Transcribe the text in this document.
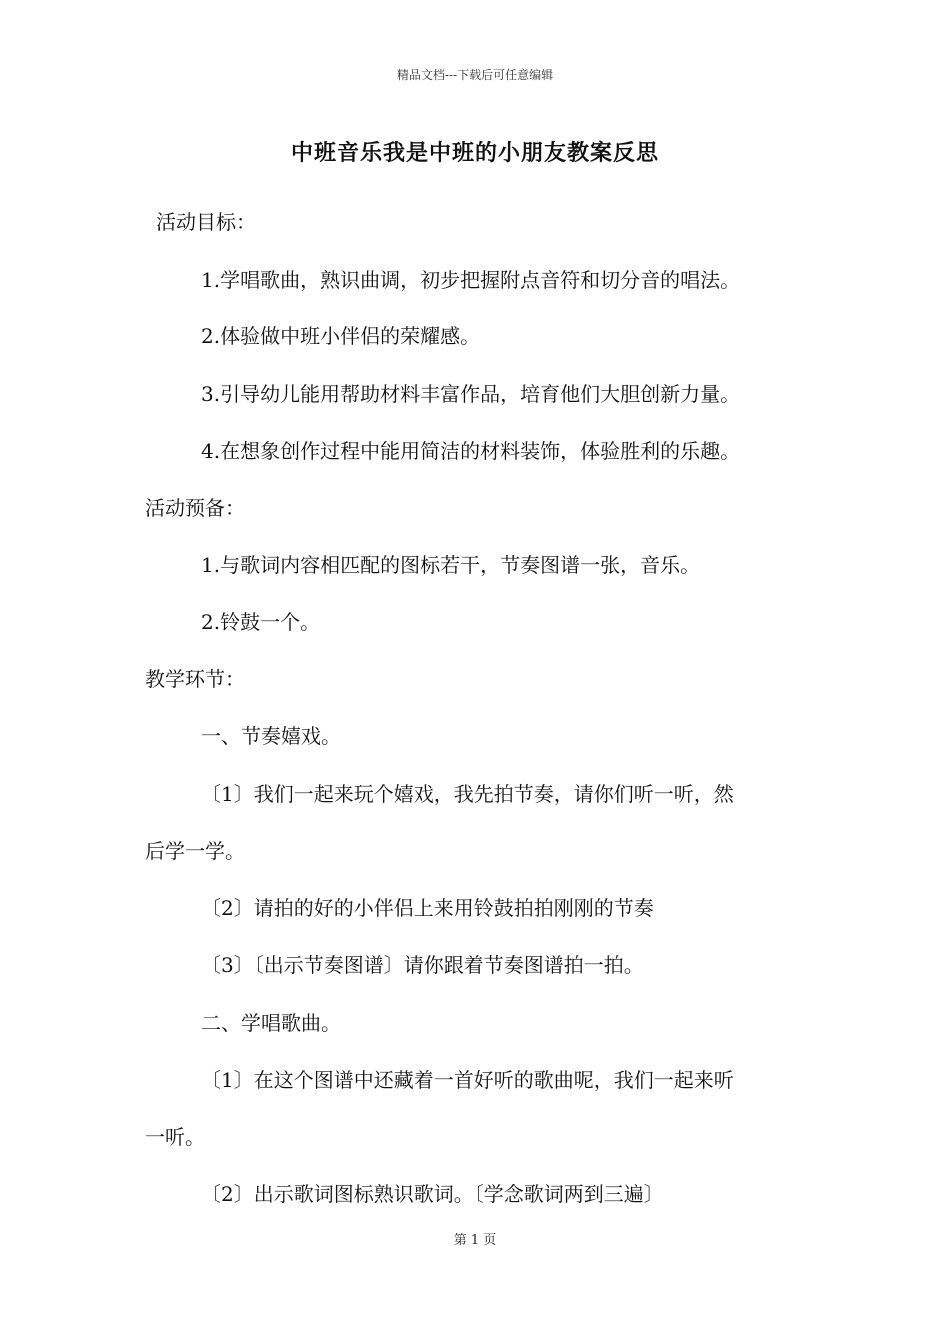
精品文档---下载后可任意编辑
中班音乐我是中班的小朋友教案反思
活动目标：
1.学唱歌曲，熟识曲调，初步把握附点音符和切分音的唱法。
2.体验做中班小伴侣的荣耀感。
3.引导幼儿能用帮助材料丰富作品，培育他们大胆创新力量。
4.在想象创作过程中能用简洁的材料装饰，体验胜利的乐趣。
活动预备：
1.与歌词内容相匹配的图标若干，节奏图谱一张，音乐。
2.铃鼓一个。
教学环节：
一、节奏嬉戏。
〔1〕我们一起来玩个嬉戏，我先拍节奏，请你们听一听，然
后学一学。
〔2〕请拍的好的小伴侣上来用铃鼓拍拍刚刚的节奏
〔3〕〔出示节奏图谱〕请你跟着节奏图谱拍一拍。
二、学唱歌曲。
〔1〕在这个图谱中还藏着一首好听的歌曲呢，我们一起来听
一听。
〔2〕出示歌词图标熟识歌词。〔学念歌词两到三遍〕
第 1 页
